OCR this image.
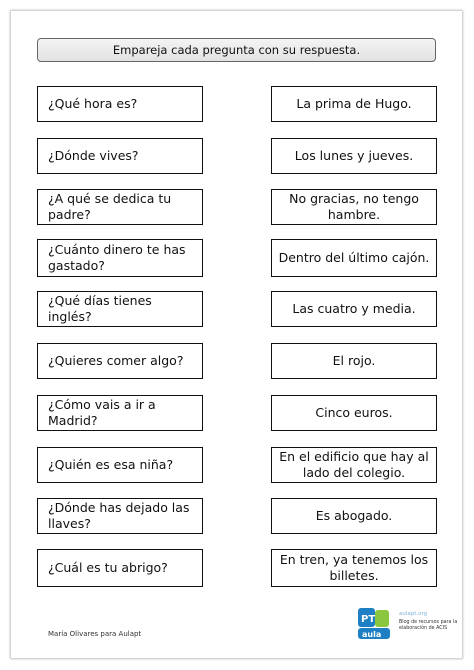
Empareja cada pregunta con su respuesta.
¿Qué hora es?
¿Dónde vives?
¿A qué se dedica tu padre?
¿Cuánto dinero te has gastado?
¿Qué días tienes inglés?
¿Quieres comer algo?
¿Cómo vais a ir a Madrid?
¿Quién es esa niña?
¿Dónde has dejado las llaves?
¿Cuál es tu abrigo?
La prima de Hugo.
Los lunes y jueves.
No gracias, no tengo hambre.
Dentro del último cajón.
Las cuatro y media.
El rojo.
Cinco euros.
En el edificio que hay al lado del colegio.
Es abogado.
En tren, ya tenemos los billetes.
María Olivares para Aulapt
PT
aula
aulapt.org
Blog de recursos para la elaboración de ACIS
